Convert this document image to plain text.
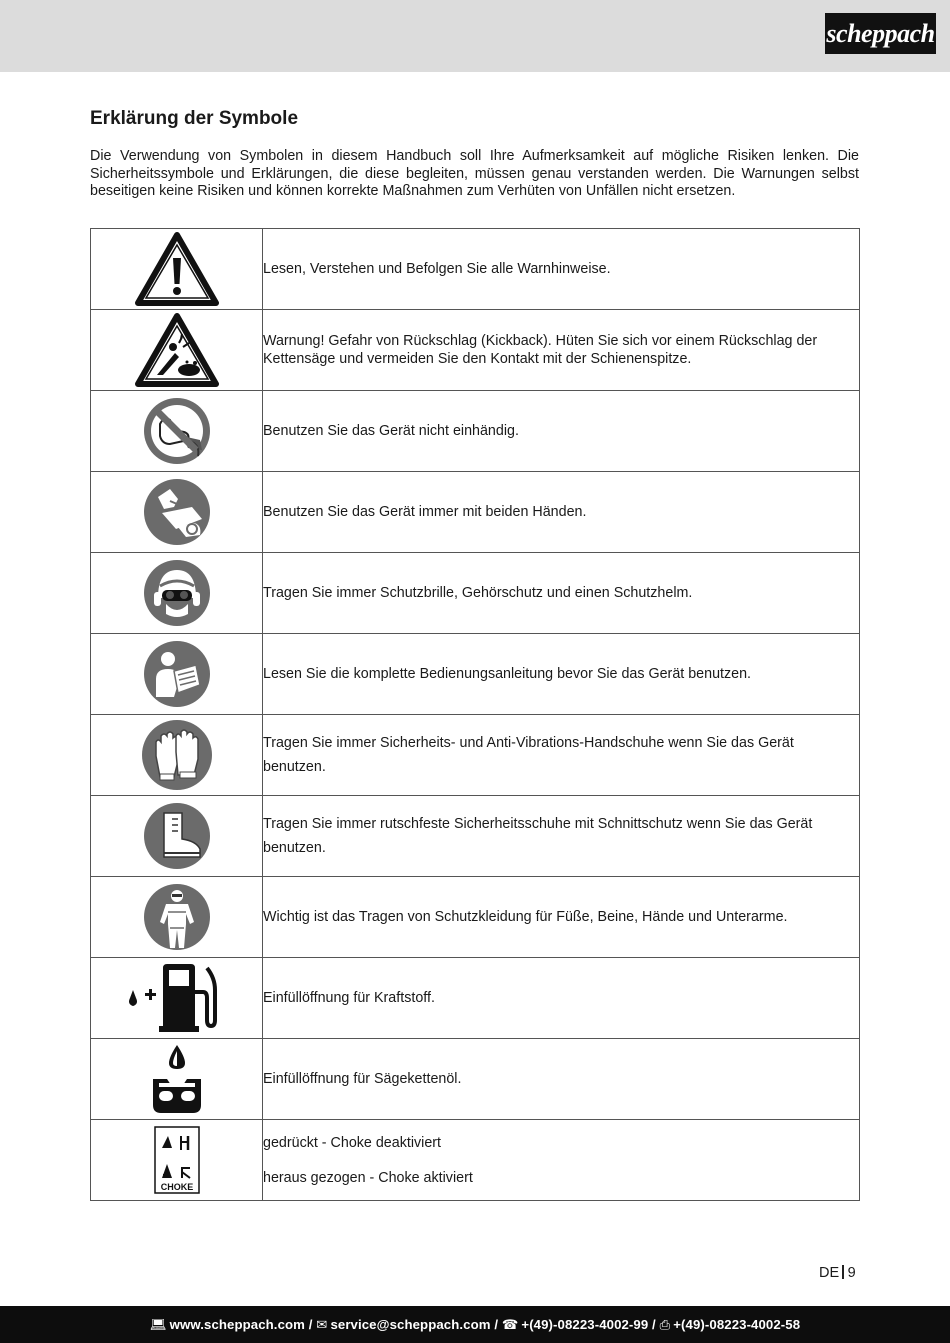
scheppach
Erklärung der Symbole

Die Verwendung von Symbolen in diesem Handbuch soll Ihre Aufmerksamkeit auf mögliche Risiken lenken. Die Sicherheitssymbole und Erklärungen, die diese begleiten, müssen genau verstanden werden. Die Warnungen selbst beseitigen keine Risiken und können korrekte Maßnahmen zum Verhüten von Unfällen nicht ersetzen.

	Lesen, Verstehen und Befolgen Sie alle Warnhinweise.

	Warnung! Gefahr von Rückschlag (Kickback). Hüten Sie sich vor einem Rückschlag der Kettensäge und vermeiden Sie den Kontakt mit der Schienenspitze.

	Benutzen Sie das Gerät nicht einhändig.

	Benutzen Sie das Gerät immer mit beiden Händen.

	Tragen Sie immer Schutzbrille, Gehörschutz und einen Schutzhelm.

	Lesen Sie die komplette Bedienungsanleitung bevor Sie das Gerät benutzen.

	Tragen Sie immer Sicherheits- und Anti-Vibrations-Handschuhe wenn Sie das Gerät benutzen.

	Tragen Sie immer rutschfeste Sicherheitsschuhe mit Schnittschutz wenn Sie das Gerät benutzen.

	Wichtig ist das Tragen von Schutzkleidung für Füße, Beine, Hände und Unterarme.

	Einfüllöffnung für Kraftstoff.

	Einfüllöffnung für Sägekettenöl.

CHOKE	gedrückt - Choke deaktiviert
heraus gezogen - Choke aktiviert
DE 9
💻︎ www.scheppach.com / ✉ service@scheppach.com / ☎ +(49)-08223-4002-99 / ⎙ +(49)-08223-4002-58
